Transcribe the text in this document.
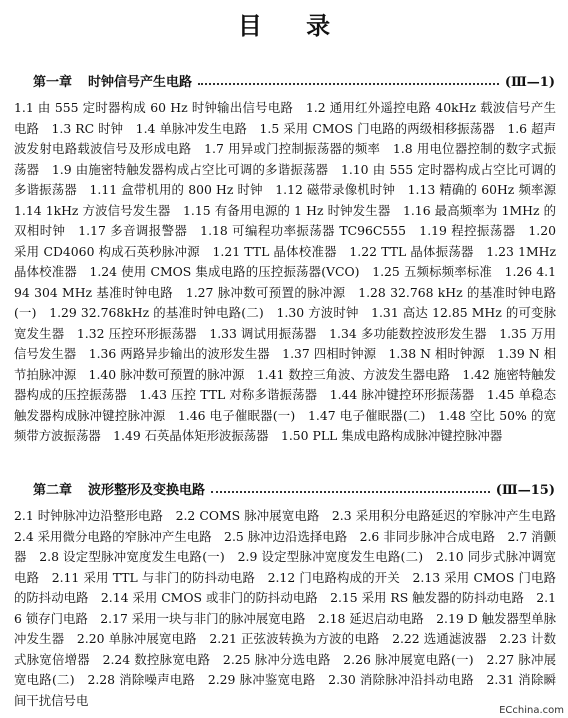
目 录
第一章 时钟信号产生电路	(Ⅲ—1)

1.1 由 555 定时器构成 60 Hz 时钟输出信号电路　1.2 通用红外遥控电路 40kHz 载波信号产生电路　1.3 RC 时钟　1.4 单脉冲发生电路　1.5 采用 CMOS 门电路的两级相移振荡器　1.6 超声波发射电路载波信号及形成电路　1.7 用异或门控制振荡器的频率　1.8 用电位器控制的数字式振荡器　1.9 由施密特触发器构成占空比可调的多谐振荡器　1.10 由 555 定时器构成占空比可调的多谐振荡器　1.11 盒带机用的 800 Hz 时钟　1.12 磁带录像机时钟　1.13 精确的 60Hz 频率源　1.14 1kHz 方波信号发生器　1.15 有备用电源的 1 Hz 时钟发生器　1.16 最高频率为 1MHz 的双相时钟　1.17 多音调报警器　1.18 可编程功率振荡器 TC96C555　1.19 程控振荡器　1.20 采用 CD4060 构成石英秒脉冲源　1.21 TTL 晶体校准器　1.22 TTL 晶体振荡器　1.23 1MHz 晶体校准器　1.24 使用 CMOS 集成电路的压控振荡器(VCO)　1.25 五频标频率标准　1.26 4.194 304 MHz 基准时钟电路　1.27 脉冲数可预置的脉冲源　1.28 32.768 kHz 的基准时钟电路(一)　1.29 32.768kHz 的基准时钟电路(二)　1.30 方波时钟　1.31 高达 12.85 MHz 的可变脉宽发生器　1.32 压控环形振荡器　1.33 调试用振荡器　1.34 多功能数控波形发生器　1.35 万用信号发生器　1.36 两路异步输出的波形发生器　1.37 四相时钟源　1.38 N 相时钟源　1.39 N 相节拍脉冲源　1.40 脉冲数可预置的脉冲源　1.41 数控三角波、方波发生器电路　1.42 施密特触发器构成的压控振荡器　1.43 压控 TTL 对称多谐振荡器　1.44 脉冲键控环形振荡器　1.45 单稳态触发器构成脉冲键控脉冲源　1.46 电子催眠器(一)　1.47 电子催眠器(二)　1.48 空比 50% 的宽频带方波振荡器　1.49 石英晶体矩形波振荡器　1.50 PLL 集成电路构成脉冲键控脉冲器

第二章 波形整形及变换电路	(Ⅲ—15)

2.1 时钟脉冲边沿整形电路　2.2 COMS 脉冲展宽电路　2.3 采用积分电路延迟的窄脉冲产生电路　2.4 采用微分电路的窄脉冲产生电路　2.5 脉冲边沿选择电路　2.6 非同步脉冲合成电路　2.7 消颤器　2.8 设定型脉冲宽度发生电路(一)　2.9 设定型脉冲宽度发生电路(二)　2.10 同步式脉冲调宽电路　2.11 采用 TTL 与非门的防抖动电路　2.12 门电路构成的开关　2.13 采用 CMOS 门电路的防抖动电路　2.14 采用 CMOS 或非门的防抖动电路　2.15 采用 RS 触发器的防抖动电路　2.16 锁存门电路　2.17 采用一块与非门的脉冲展宽电路　2.18 延迟启动电路　2.19 D 触发器型单脉冲发生器　2.20 单脉冲展宽电路　2.21 正弦波转换为方波的电路　2.22 选通滤波器　2.23 计数式脉宽倍增器　2.24 数控脉宽电路　2.25 脉冲分选电路　2.26 脉冲展宽电路(一)　2.27 脉冲展宽电路(二)　2.28 消除噪声电路　2.29 脉冲鉴宽电路　2.30 消除脉冲沿抖动电路　2.31 消除瞬间干扰信号电

ECchina.com
